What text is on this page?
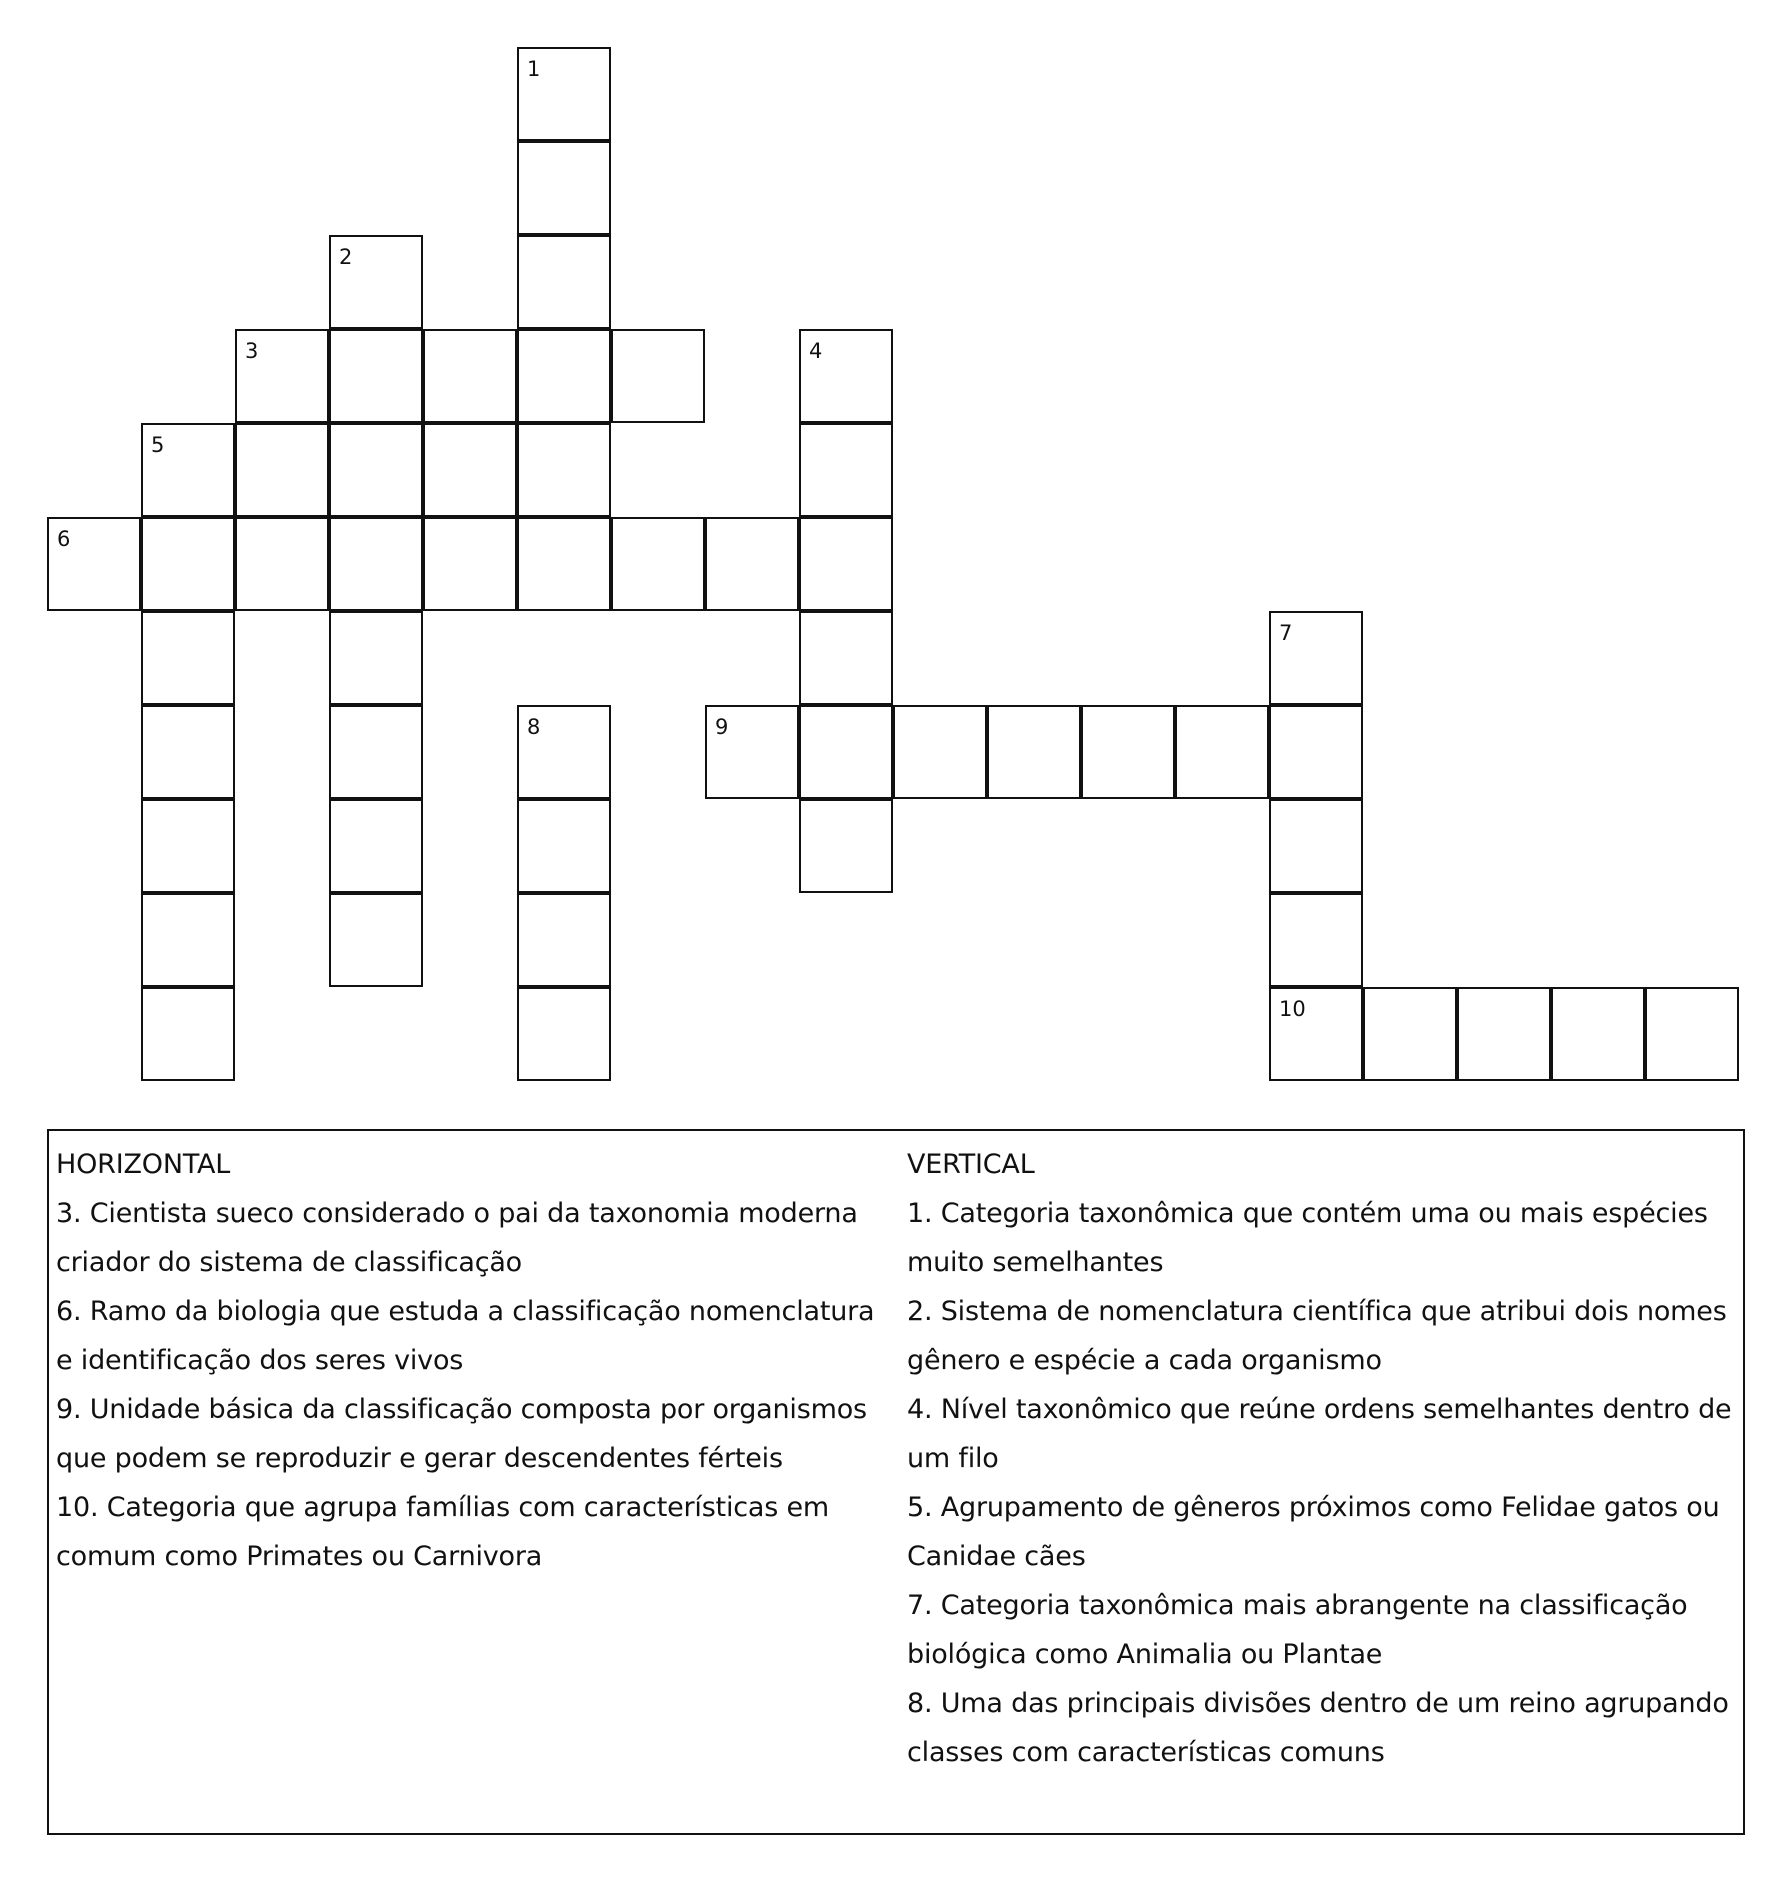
1
2
3	4
5
6
7
8	9
10
HORIZONTAL
3. Cientista sueco considerado o pai da taxonomia moderna
criador do sistema de classificação
6. Ramo da biologia que estuda a classificação nomenclatura
e identificação dos seres vivos
9. Unidade básica da classificação composta por organismos
que podem se reproduzir e gerar descendentes férteis
10. Categoria que agrupa famílias com características em
comum como Primates ou Carnivora
VERTICAL
1. Categoria taxonômica que contém uma ou mais espécies
muito semelhantes
2. Sistema de nomenclatura científica que atribui dois nomes
gênero e espécie a cada organismo
4. Nível taxonômico que reúne ordens semelhantes dentro de
um filo
5. Agrupamento de gêneros próximos como Felidae gatos ou
Canidae cães
7. Categoria taxonômica mais abrangente na classificação
biológica como Animalia ou Plantae
8. Uma das principais divisões dentro de um reino agrupando
classes com características comuns
